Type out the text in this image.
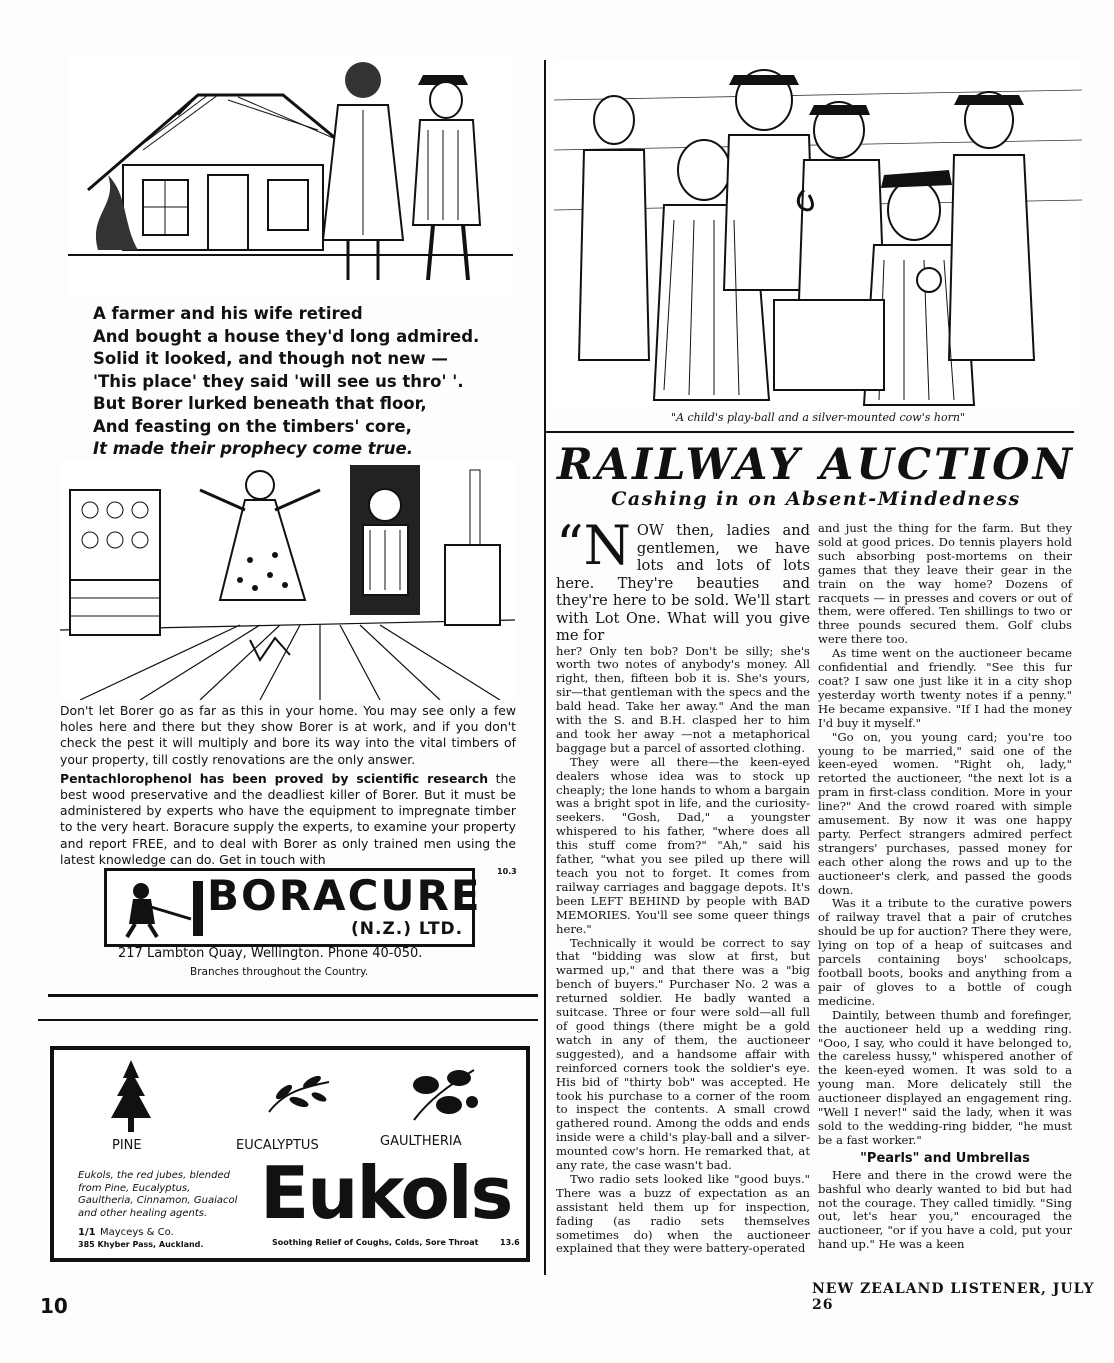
A farmer and his wife retired
And bought a house they'd long admired.
Solid it looked, and though not new —
'This place' they said 'will see us thro' '.
But Borer lurked beneath that floor,
And feasting on the timbers' core,
It made their prophecy come true.
Don't let Borer go as far as this in your home. You may see only a few holes here and there but they show Borer is at work, and if you don't check the pest it will multiply and bore its way into the vital timbers of your property, till costly renovations are the only answer.
Pentachlorophenol has been proved by scientific research the best wood preservative and the deadliest killer of Borer. But it must be administered by experts who have the equipment to impregnate timber to the very heart. Boracure supply the experts, to examine your property and report FREE, and to deal with Borer as only trained men using the latest knowledge can do. Get in touch with
10.3
BORACURE
(N.Z.) LTD.
217 Lambton Quay, Wellington. Phone 40-050.
Branches throughout the Country.
PINE	EUCALYPTUS	GAULTHERIA
Eukols, the red jubes, blended from Pine, Eucalyptus, Gaultheria, Cinnamon, Guaiacol and other healing agents.
1/1 Mayceys & Co.
385 Khyber Pass, Auckland.
Eukols
Soothing Relief of Coughs, Colds, Sore Throat	13.6
"A child's play-ball and a silver-mounted cow's horn"
RAILWAY AUCTION
Cashing in on Absent-Mindedness
“N OW then, ladies and gentlemen, we have lots and lots of lots here. They're beauties and they're here to be sold. We'll start with Lot One. What will you give me for

her? Only ten bob? Don't be silly; she's worth two notes of anybody's money. All right, then, fifteen bob it is. She's yours, sir—that gentleman with the specs and the bald head. Take her away." And the man with the S. and B.H. clasped her to him and took her away —not a metaphorical baggage but a parcel of assorted clothing.

They were all there—the keen-eyed dealers whose idea was to stock up cheaply; the lone hands to whom a bargain was a bright spot in life, and the curiosity-seekers. "Gosh, Dad," a youngster whispered to his father, "where does all this stuff come from?" "Ah," said his father, "what you see piled up there will teach you not to forget. It comes from railway carriages and baggage depots. It's been LEFT BEHIND by people with BAD MEMORIES. You'll see some queer things here."

Technically it would be correct to say that "bidding was slow at first, but warmed up," and that there was a "big bench of buyers." Purchaser No. 2 was a returned soldier. He badly wanted a suitcase. Three or four were sold—all full of good things (there might be a gold watch in any of them, the auctioneer suggested), and a handsome affair with reinforced corners took the soldier's eye. His bid of "thirty bob" was accepted. He took his purchase to a corner of the room to inspect the contents. A small crowd gathered round. Among the odds and ends inside were a child's play-ball and a silver-mounted cow's horn. He remarked that, at any rate, the case wasn't bad.

Two radio sets looked like "good buys." There was a buzz of expectation as an assistant held them up for inspection, fading (as radio sets themselves sometimes do) when the auctioneer explained that they were battery-operated

and just the thing for the farm. But they sold at good prices. Do tennis players hold such absorbing post-mortems on their games that they leave their gear in the train on the way home? Dozens of racquets — in presses and covers or out of them, were offered. Ten shillings to two or three pounds secured them. Golf clubs were there too.

As time went on the auctioneer became confidential and friendly. "See this fur coat? I saw one just like it in a city shop yesterday worth twenty notes if a penny." He became expansive. "If I had the money I'd buy it myself."

"Go on, you young card; you're too young to be married," said one of the keen-eyed women. "Right oh, lady," retorted the auctioneer, "the next lot is a pram in first-class condition. More in your line?" And the crowd roared with simple amusement. By now it was one happy party. Perfect strangers admired perfect strangers' purchases, passed money for each other along the rows and up to the auctioneer's clerk, and passed the goods down.

Was it a tribute to the curative powers of railway travel that a pair of crutches should be up for auction? There they were, lying on top of a heap of suitcases and parcels containing boys' schoolcaps, football boots, books and anything from a pair of gloves to a bottle of cough medicine.

Daintily, between thumb and forefinger, the auctioneer held up a wedding ring. "Ooo, I say, who could it have belonged to, the careless hussy," whispered another of the keen-eyed women. It was sold to a young man. More delicately still the auctioneer displayed an engagement ring. "Well I never!" said the lady, when it was sold to the wedding-ring bidder, "he must be a fast worker."

"Pearls" and Umbrellas

Here and there in the crowd were the bashful who dearly wanted to bid but had not the courage. They called timidly. "Sing out, let's hear you," encouraged the auctioneer, "or if you have a cold, put your hand up." He was a keen

10
NEW ZEALAND LISTENER, JULY 26
